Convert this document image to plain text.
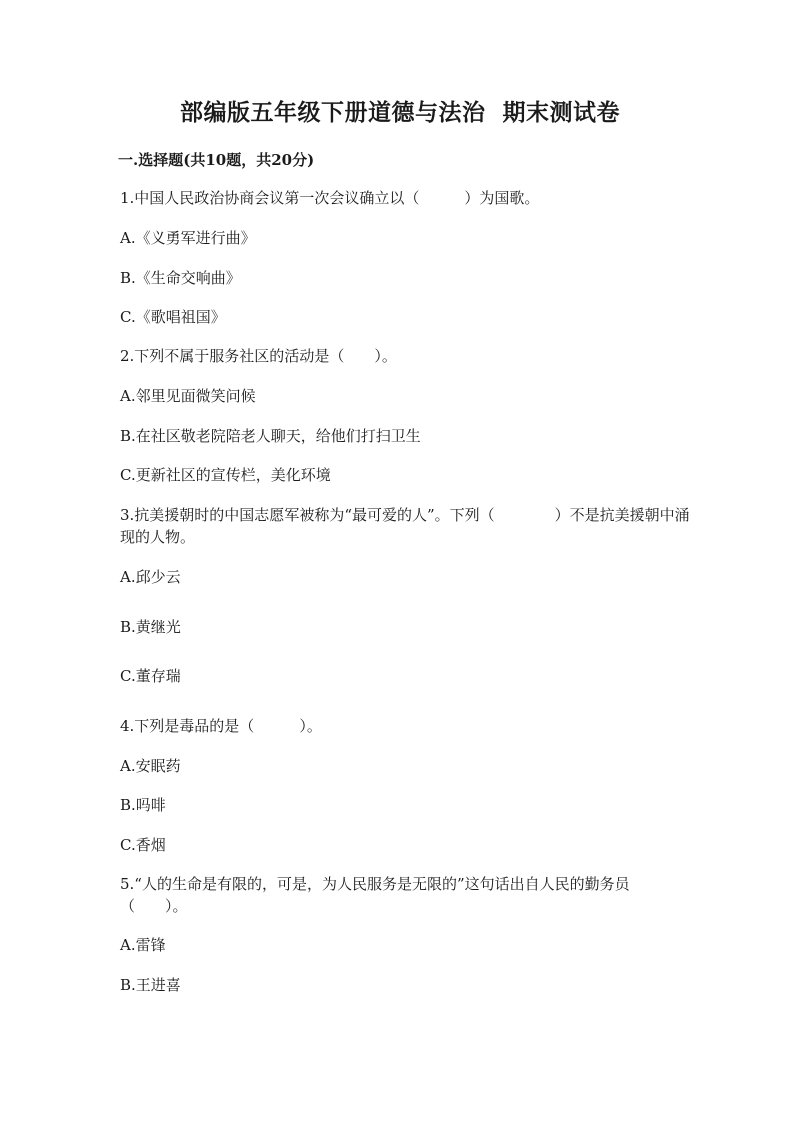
部编版五年级下册道德与法治  期末测试卷
一.选择题(共10题，共20分)
1.中国人民政治协商会议第一次会议确立以（　　　）为国歌。
A.《义勇军进行曲》
B.《生命交响曲》
C.《歌唱祖国》
2.下列不属于服务社区的活动是（　　）。
A.邻里见面微笑问候
B.在社区敬老院陪老人聊天，给他们打扫卫生
C.更新社区的宣传栏，美化环境
3.抗美援朝时的中国志愿军被称为“最可爱的人”。下列（　　　　）不是抗美援朝中涌现的人物。
A.邱少云
B.黄继光
C.董存瑞
4.下列是毒品的是（　　　）。
A.安眠药
B.吗啡
C.香烟
5.“人的生命是有限的，可是，为人民服务是无限的”这句话出自人民的勤务员（　　）。
A.雷锋
B.王进喜
